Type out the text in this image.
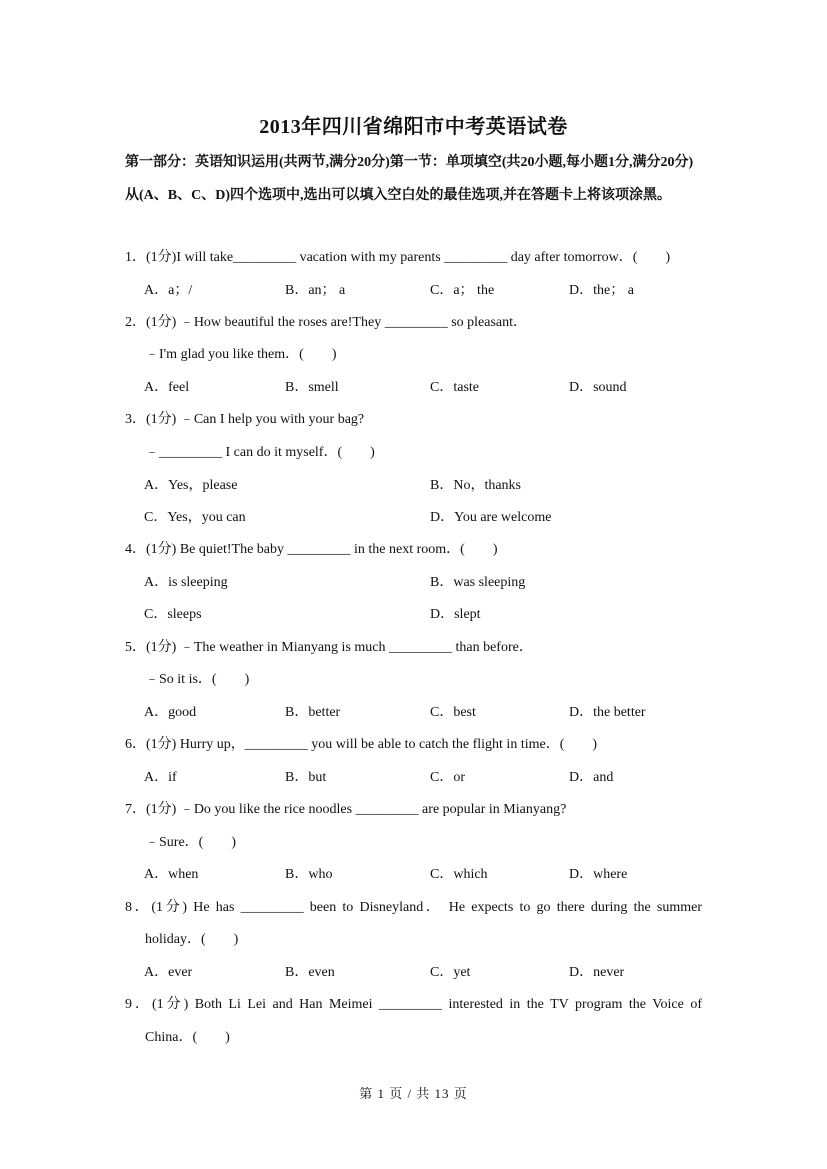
2013年四川省绵阳市中考英语试卷
第一部分：英语知识运用(共两节,满分20分)第一节：单项填空(共20小题,每小题1分,满分20分)从(A、B、C、D)四个选项中,选出可以填入空白处的最佳选项,并在答题卡上将该项涂黑。
1．(1分)I will take_________ vacation with my parents _________ day after tomorrow．(　　)
A．a；/	B．an； a	C．a； the	D．the； a
2．(1分) ﹣How beautiful the roses are!They _________ so pleasant．
﹣I'm glad you like them．(　　)
A．feel	B．smell	C．taste	D．sound
3．(1分) ﹣Can I help you with your bag?
﹣_________ I can do it myself．(　　)
A．Yes，please	B．No，thanks
C．Yes，you can	D．You are welcome
4．(1分) Be quiet!The baby _________ in the next room．(　　)
A．is sleeping	B．was sleeping
C．sleeps	D．slept
5．(1分) ﹣The weather in Mianyang is much _________ than before．
﹣So it is．(　　)
A．good	B．better	C．best	D．the better
6．(1分) Hurry up，_________ you will be able to catch the flight in time．(　　)
A．if	B．but	C．or	D．and
7．(1分) ﹣Do you like the rice noodles _________ are popular in Mianyang?
﹣Sure．(　　)
A．when	B．who	C．which	D．where
8．(1分) He has _________ been to Disneyland． He expects to go there during the summer
holiday．(　　)
A．ever	B．even	C．yet	D．never
9．(1分) Both Li Lei and Han Meimei _________ interested in the TV program the Voice of
China．(　　)
第 1 页 / 共 13 页
